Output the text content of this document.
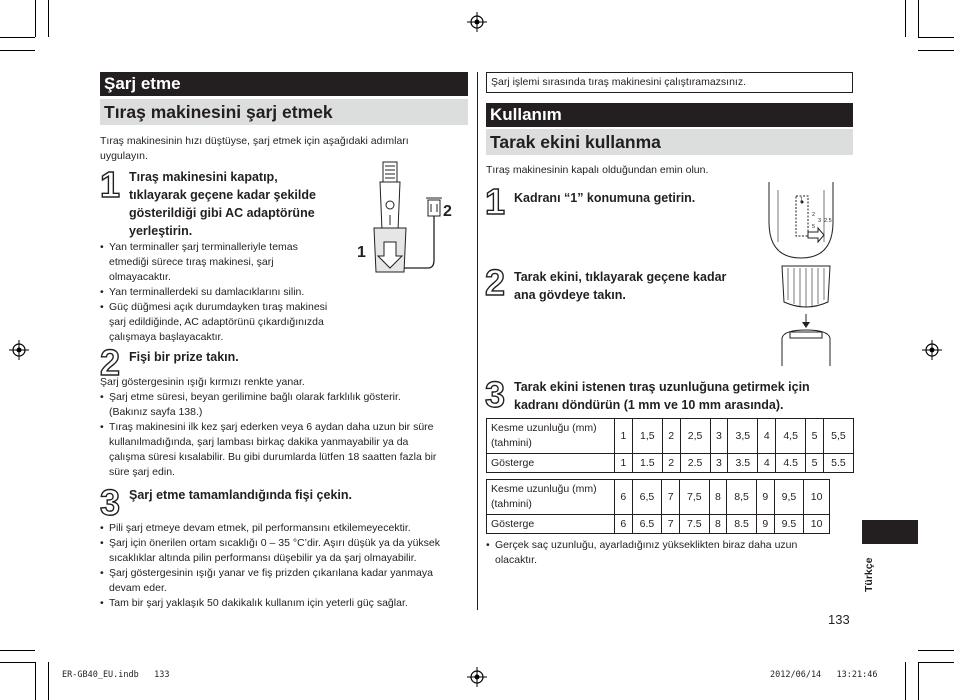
Şarj etme
Tıraş makinesini şarj etmek
Tıraş makinesinin hızı düştüyse, şarj etmek için aşağıdaki adımları
uygulayın.
1 Tıraş makinesini kapatıp,
tıklayarak geçene kadar şekilde
gösterildiği gibi AC adaptörüne
yerleştirin.
• Yan terminaller şarj terminalleriyle temas
etmediği sürece tıraş makinesi, şarj
olmayacaktır.
• Yan terminallerdeki su damlacıklarını silin.
• Güç düğmesi açık durumdayken tıraş makinesi
şarj edildiğinde, AC adaptörünü çıkardığınızda
çalışmaya başlayacaktır.
2
1
2 Fişi bir prize takın.
Şarj göstergesinin ışığı kırmızı renkte yanar.
• Şarj etme süresi, beyan gerilimine bağlı olarak farklılık gösterir.
(Bakınız sayfa 138.)
• Tıraş makinesini ilk kez şarj ederken veya 6 aydan daha uzun bir süre
kullanılmadığında, şarj lambası birkaç dakika yanmayabilir ya da
çalışma süresi kısalabilir. Bu gibi durumlarda lütfen 18 saatten fazla bir
süre şarj edin.
3 Şarj etme tamamlandığında fişi çekin.
• Pili şarj etmeye devam etmek, pil performansını etkilemeyecektir.
• Şarj için önerilen ortam sıcaklığı 0 – 35 °C’dir. Aşırı düşük ya da yüksek
sıcaklıklar altında pilin performansı düşebilir ya da şarj olmayabilir.
• Şarj göstergesinin ışığı yanar ve fiş prizden çıkarılana kadar yanmaya
devam eder.
• Tam bir şarj yaklaşık 50 dakikalık kullanım için yeterli güç sağlar.
Şarj işlemi sırasında tıraş makinesini çalıştıramazsınız.
Kullanım
Tarak ekini kullanma
Tıraş makinesinin kapalı olduğundan emin olun.
1 Kadranı “1” konumuna getirin.	1
2
3 2.5
5
2 Tarak ekini, tıklayarak geçene kadar
ana gövdeye takın.
3 Tarak ekini istenen tıraş uzunluğuna getirmek için
kadranı döndürün (1 mm ve 10 mm arasında).
Kesme uzunluğu (mm)
(tahmini)	1	1,5	2	2,5	3	3,5	4	4,5	5	5,5
Gösterge	1	1.5	2	2.5	3	3.5	4	4.5	5	5.5
Kesme uzunluğu (mm)
(tahmini)	6	6,5	7	7,5	8	8,5	9	9,5	10
Gösterge	6	6.5	7	7.5	8	8.5	9	9.5	10
• Gerçek saç uzunluğu, ayarladığınız yükseklikten biraz daha uzun
olacaktır.	Türkçe
133
ER-GB40_EU.indb   133	2012/06/14   13:21:46
